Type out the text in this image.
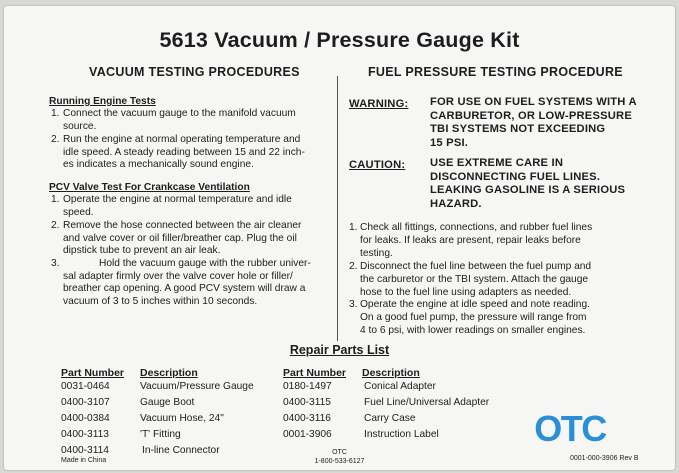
5613 Vacuum / Pressure Gauge Kit
VACUUM TESTING PROCEDURES	FUEL PRESSURE TESTING PROCEDURE
Running Engine Tests
1. Connect the vacuum gauge to the manifold vacuum
source.
2. Run the engine at normal operating temperature and
idle speed. A steady reading between 15 and 22 inch-
es indicates a mechanically sound engine.
PCV Valve Test For Crankcase Ventilation
1. Operate the engine at normal temperature and idle
speed.
2. Remove the hose connected between the air cleaner
and valve cover or oil filler/breather cap. Plug the oil
dipstick tube to prevent an air leak.
3.	Hold the vacuum gauge with the rubber univer-
sal adapter firmly over the valve cover hole or filler/
breather cap opening. A good PCV system will draw a
vacuum of 3 to 5 inches within 10 seconds.
WARNING: FOR USE ON FUEL SYSTEMS WITH A
CARBURETOR, OR LOW-PRESSURE
TBI SYSTEMS NOT EXCEEDING
15 PSI.
CAUTION: USE EXTREME CARE IN
DISCONNECTING FUEL LINES.
LEAKING GASOLINE IS A SERIOUS
HAZARD.
1. Check all fittings, connections, and rubber fuel lines
for leaks. If leaks are present, repair leaks before
testing.
2. Disconnect the fuel line between the fuel pump and
the carburetor or the TBI system. Attach the gauge
hose to the fuel line using adapters as needed.
3. Operate the engine at idle speed and note reading.
On a good fuel pump, the pressure will range from
4 to 6 psi, with lower readings on smaller engines.
Repair Parts List
Part Number Description	Part Number Description
0031-0464	Vacuum/Pressure Gauge
0400-3107	Gauge Boot
0400-0384	Vacuum Hose, 24"
0400-3113	'T' Fitting
0400-3114	In-line Connector
0180-1497	Conical Adapter
0400-3115	Fuel Line/Universal Adapter
0400-3116	Carry Case
0001-3906	Instruction Label
Made in China
OTC
1-800-533-6127	0001-000-3906 Rev B
OTC
